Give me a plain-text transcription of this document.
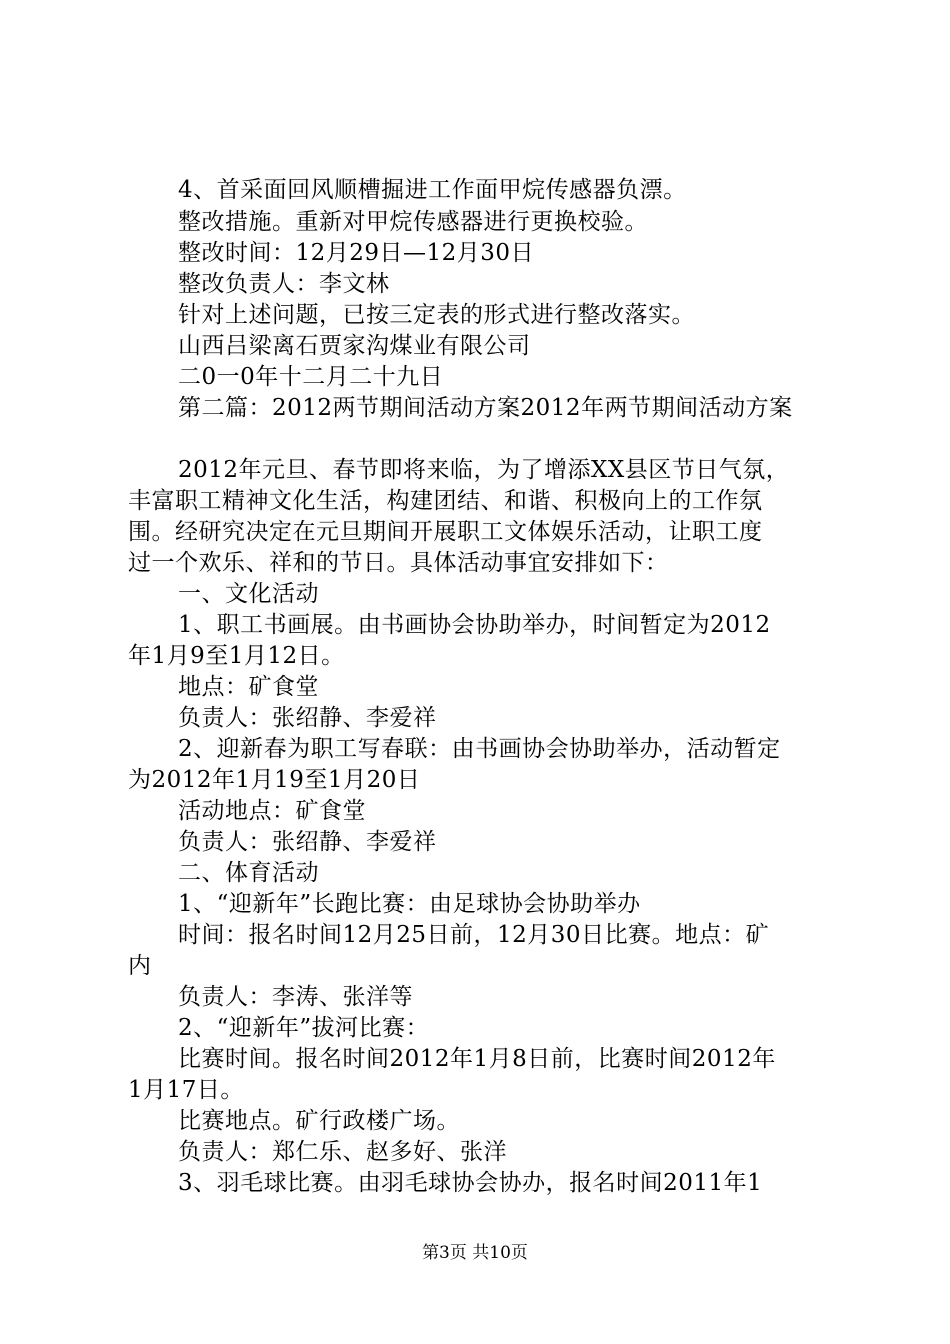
4、首采面回风顺槽掘进工作面甲烷传感器负漂。
整改措施。重新对甲烷传感器进行更换校验。
整改时间：12月29日—12月30日
整改负责人：李文林
针对上述问题，已按三定表的形式进行整改落实。
山西吕梁离石贾家沟煤业有限公司
二0一0年十二月二十九日
第二篇：2012两节期间活动方案2012年两节期间活动方案
2012年元旦、春节即将来临，为了增添XX县区节日气氛，
丰富职工精神文化生活，构建团结、和谐、积极向上的工作氛
围。经研究决定在元旦期间开展职工文体娱乐活动，让职工度
过一个欢乐、祥和的节日。具体活动事宜安排如下：
一、文化活动
1、职工书画展。由书画协会协助举办，时间暂定为2012
年1月9至1月12日。
地点：矿食堂
负责人：张绍静、李爱祥
2、迎新春为职工写春联：由书画协会协助举办，活动暂定
为2012年1月19至1月20日
活动地点：矿食堂
负责人：张绍静、李爱祥
二、体育活动
1、“迎新年”长跑比赛：由足球协会协助举办
时间：报名时间12月25日前，12月30日比赛。地点：矿
内
负责人：李涛、张洋等
2、“迎新年”拔河比赛：
比赛时间。报名时间2012年1月8日前，比赛时间2012年
1月17日。
比赛地点。矿行政楼广场。
负责人：郑仁乐、赵多好、张洋
3、羽毛球比赛。由羽毛球协会协办，报名时间2011年1
第3页 共10页
